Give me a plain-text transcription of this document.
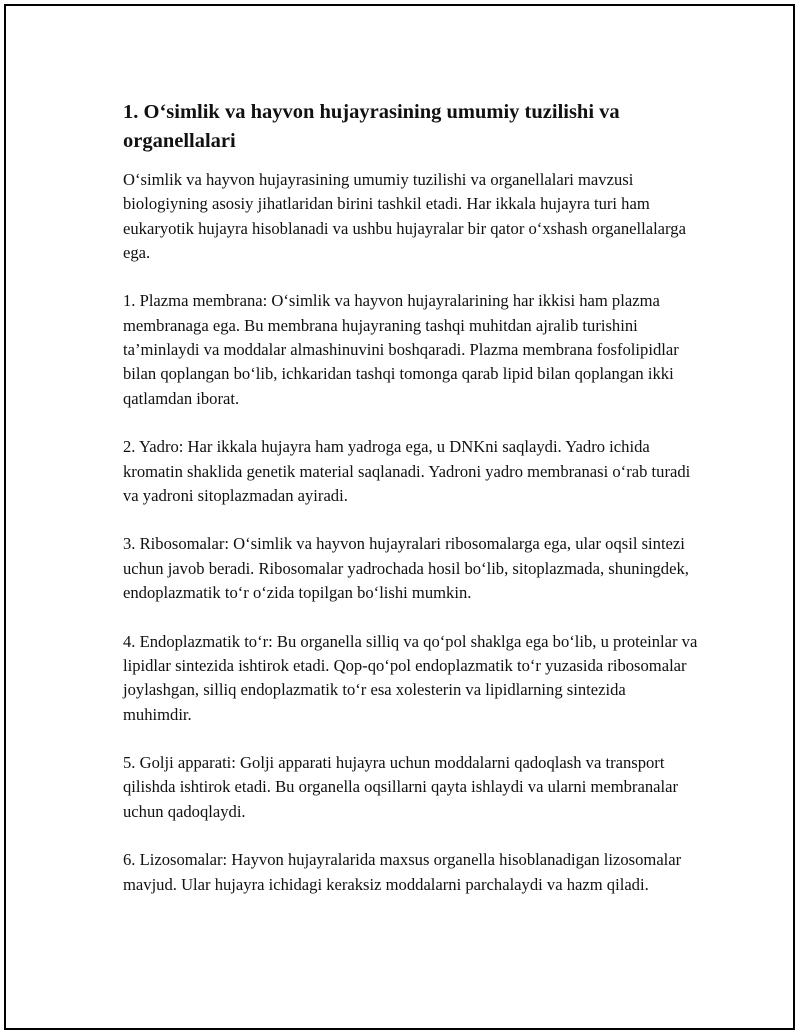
1. O‘simlik va hayvon hujayrasining umumiy tuzilishi va organellalari

O‘simlik va hayvon hujayrasining umumiy tuzilishi va organellalari mavzusi biologiyning asosiy jihatlaridan birini tashkil etadi. Har ikkala hujayra turi ham eukaryotik hujayra hisoblanadi va ushbu hujayralar bir qator o‘xshash organellalarga ega.

1. Plazma membrana: O‘simlik va hayvon hujayralarining har ikkisi ham plazma membranaga ega. Bu membrana hujayraning tashqi muhitdan ajralib turishini ta’minlaydi va moddalar almashinuvini boshqaradi. Plazma membrana fosfolipidlar bilan qoplangan bo‘lib, ichkaridan tashqi tomonga qarab lipid bilan qoplangan ikki qatlamdan iborat.

2. Yadro: Har ikkala hujayra ham yadroga ega, u DNKni saqlaydi. Yadro ichida kromatin shaklida genetik material saqlanadi. Yadroni yadro membranasi o‘rab turadi va yadroni sitoplazmadan ayiradi.

3. Ribosomalar: O‘simlik va hayvon hujayralari ribosomalarga ega, ular oqsil sintezi uchun javob beradi. Ribosomalar yadrochada hosil bo‘lib, sitoplazmada, shuningdek, endoplazmatik to‘r o‘zida topilgan bo‘lishi mumkin.

4. Endoplazmatik to‘r: Bu organella silliq va qo‘pol shaklga ega bo‘lib, u proteinlar va lipidlar sintezida ishtirok etadi. Qop-qo‘pol endoplazmatik to‘r yuzasida ribosomalar joylashgan, silliq endoplazmatik to‘r esa xolesterin va lipidlarning sintezida muhimdir.

5. Golji apparati: Golji apparati hujayra uchun moddalarni qadoqlash va transport qilishda ishtirok etadi. Bu organella oqsillarni qayta ishlaydi va ularni membranalar uchun qadoqlaydi.

6. Lizosomalar: Hayvon hujayralarida maxsus organella hisoblanadigan lizosomalar mavjud. Ular hujayra ichidagi keraksiz moddalarni parchalaydi va hazm qiladi.
